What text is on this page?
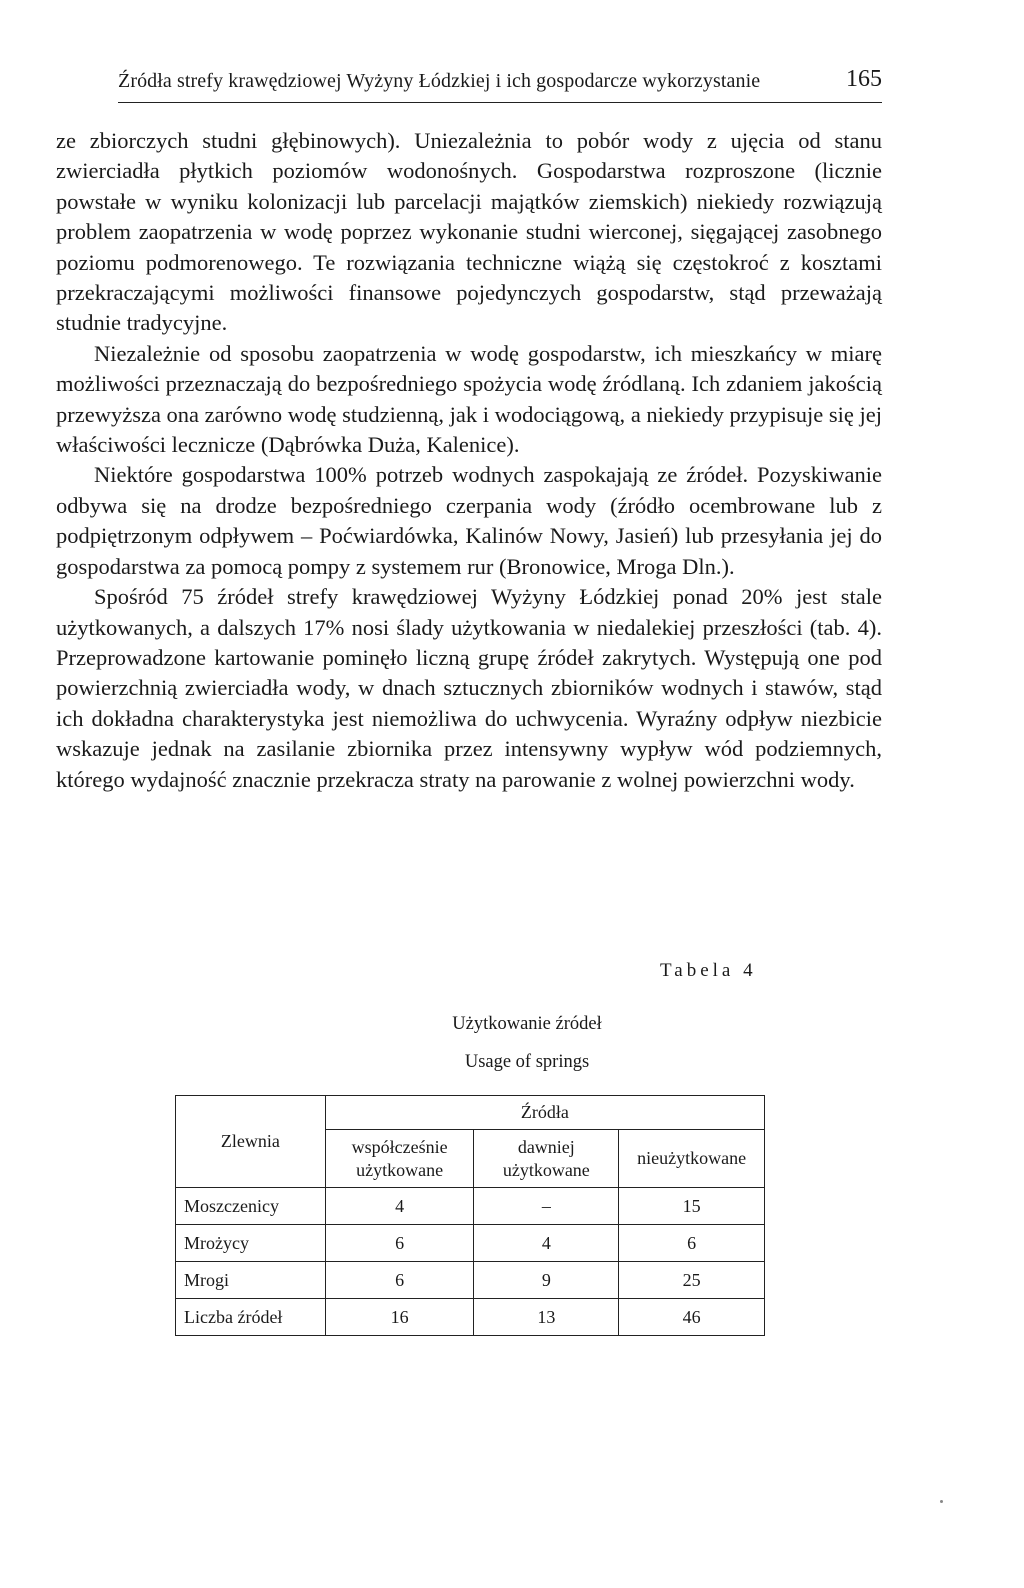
Źródła strefy krawędziowej Wyżyny Łódzkiej i ich gospodarcze wykorzystanie	165

ze zbiorczych studni głębinowych). Uniezależnia to pobór wody z ujęcia od stanu zwierciadła płytkich poziomów wodonośnych. Gospodarstwa rozproszone (licznie powstałe w wyniku kolonizacji lub parcelacji majątków ziemskich) niekiedy rozwiązują problem zaopatrzenia w wodę poprzez wykonanie studni wierconej, sięgającej zasobnego poziomu podmorenowego. Te rozwiązania techniczne wiążą się częstokroć z kosztami przekraczającymi możliwości finansowe pojedynczych gospodarstw, stąd przeważają studnie tradycyjne.

Niezależnie od sposobu zaopatrzenia w wodę gospodarstw, ich mieszkańcy w miarę możliwości przeznaczają do bezpośredniego spożycia wodę źródlaną. Ich zdaniem jakością przewyższa ona zarówno wodę studzienną, jak i wodociągową, a niekiedy przypisuje się jej właściwości lecznicze (Dąbrówka Duża, Kalenice).

Niektóre gospodarstwa 100% potrzeb wodnych zaspokajają ze źródeł. Pozyskiwanie odbywa się na drodze bezpośredniego czerpania wody (źródło ocembrowane lub z podpiętrzonym odpływem – Poćwiardówka, Kalinów Nowy, Jasień) lub przesyłania jej do gospodarstwa za pomocą pompy z systemem rur (Bronowice, Mroga Dln.).

Spośród 75 źródeł strefy krawędziowej Wyżyny Łódzkiej ponad 20% jest stale użytkowanych, a dalszych 17% nosi ślady użytkowania w niedalekiej przeszłości (tab. 4). Przeprowadzone kartowanie pominęło liczną grupę źródeł zakrytych. Występują one pod powierzchnią zwierciadła wody, w dnach sztucznych zbiorników wodnych i stawów, stąd ich dokładna charakterystyka jest niemożliwa do uchwycenia. Wyraźny odpływ niezbicie wskazuje jednak na zasilanie zbiornika przez intensywny wypływ wód podziemnych, którego wydajność znacznie przekracza straty na parowanie z wolnej powierzchni wody.

Tabela 4
Użytkowanie źródeł
Usage of springs
Zlewnia	Źródła		
	współcześnie użytkowane	dawniej użytkowane	nieużytkowane
Moszczenicy	4	–	15
Mrożycy	6	4	6
Mrogi	6	9	25
Liczba źródeł	16	13	46
